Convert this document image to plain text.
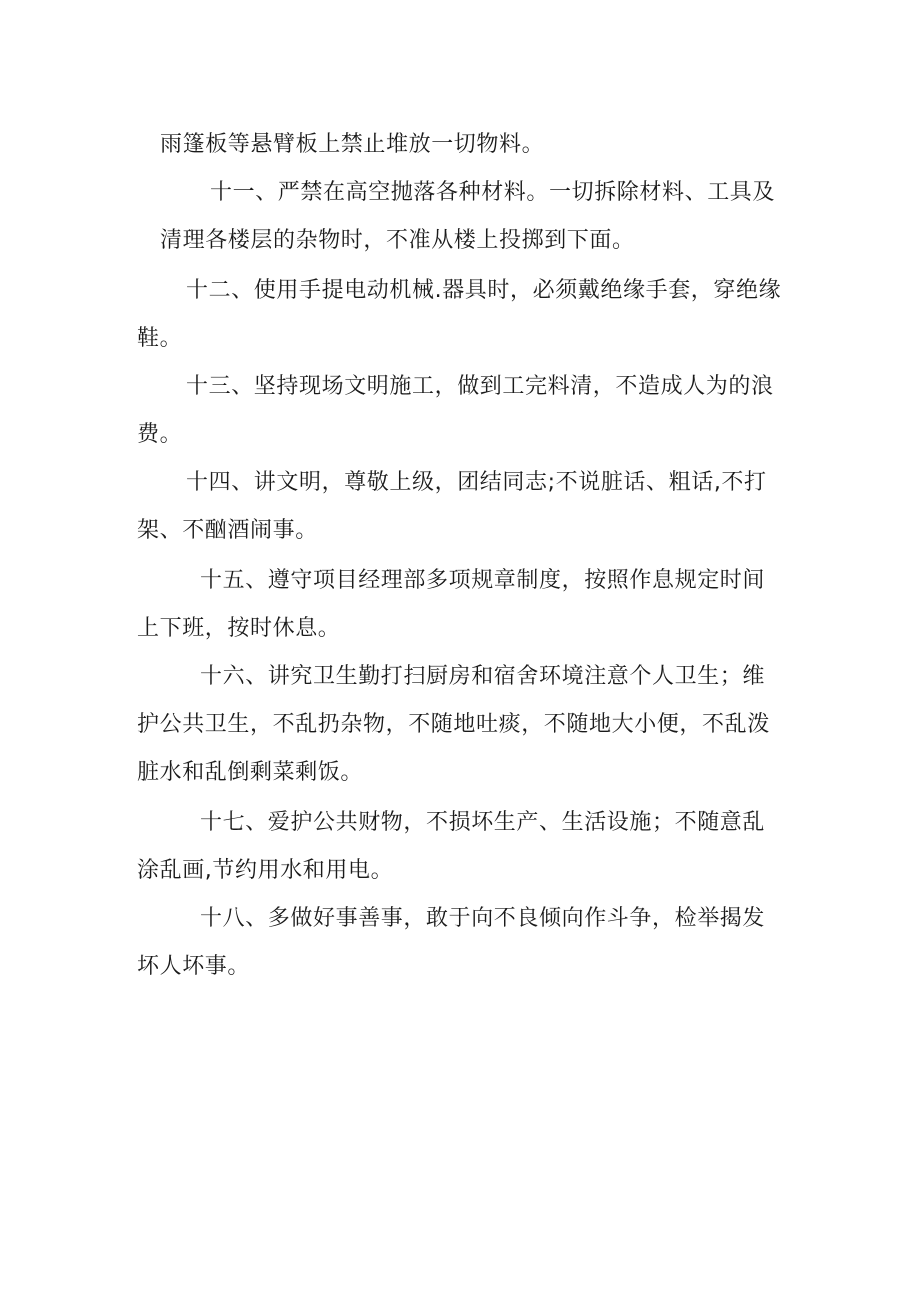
雨篷板等悬臂板上禁止堆放一切物料。
十一、严禁在高空抛落各种材料。一切拆除材料、工具及
清理各楼层的杂物时，不准从楼上投掷到下面。
十二、使用手提电动机械.器具时，必须戴绝缘手套，穿绝缘
鞋。
十三、坚持现场文明施工，做到工完料清，不造成人为的浪
费。
十四、讲文明，尊敬上级，团结同志;不说脏话、粗话,不打
架、不酗酒闹事。
十五、遵守项目经理部多项规章制度，按照作息规定时间
上下班，按时休息。
十六、讲究卫生勤打扫厨房和宿舍环境注意个人卫生；维
护公共卫生，不乱扔杂物，不随地吐痰，不随地大小便，不乱泼
脏水和乱倒剩菜剩饭。
十七、爱护公共财物，不损坏生产、生活设施；不随意乱
涂乱画,节约用水和用电。
十八、多做好事善事，敢于向不良倾向作斗争，检举揭发
坏人坏事。
